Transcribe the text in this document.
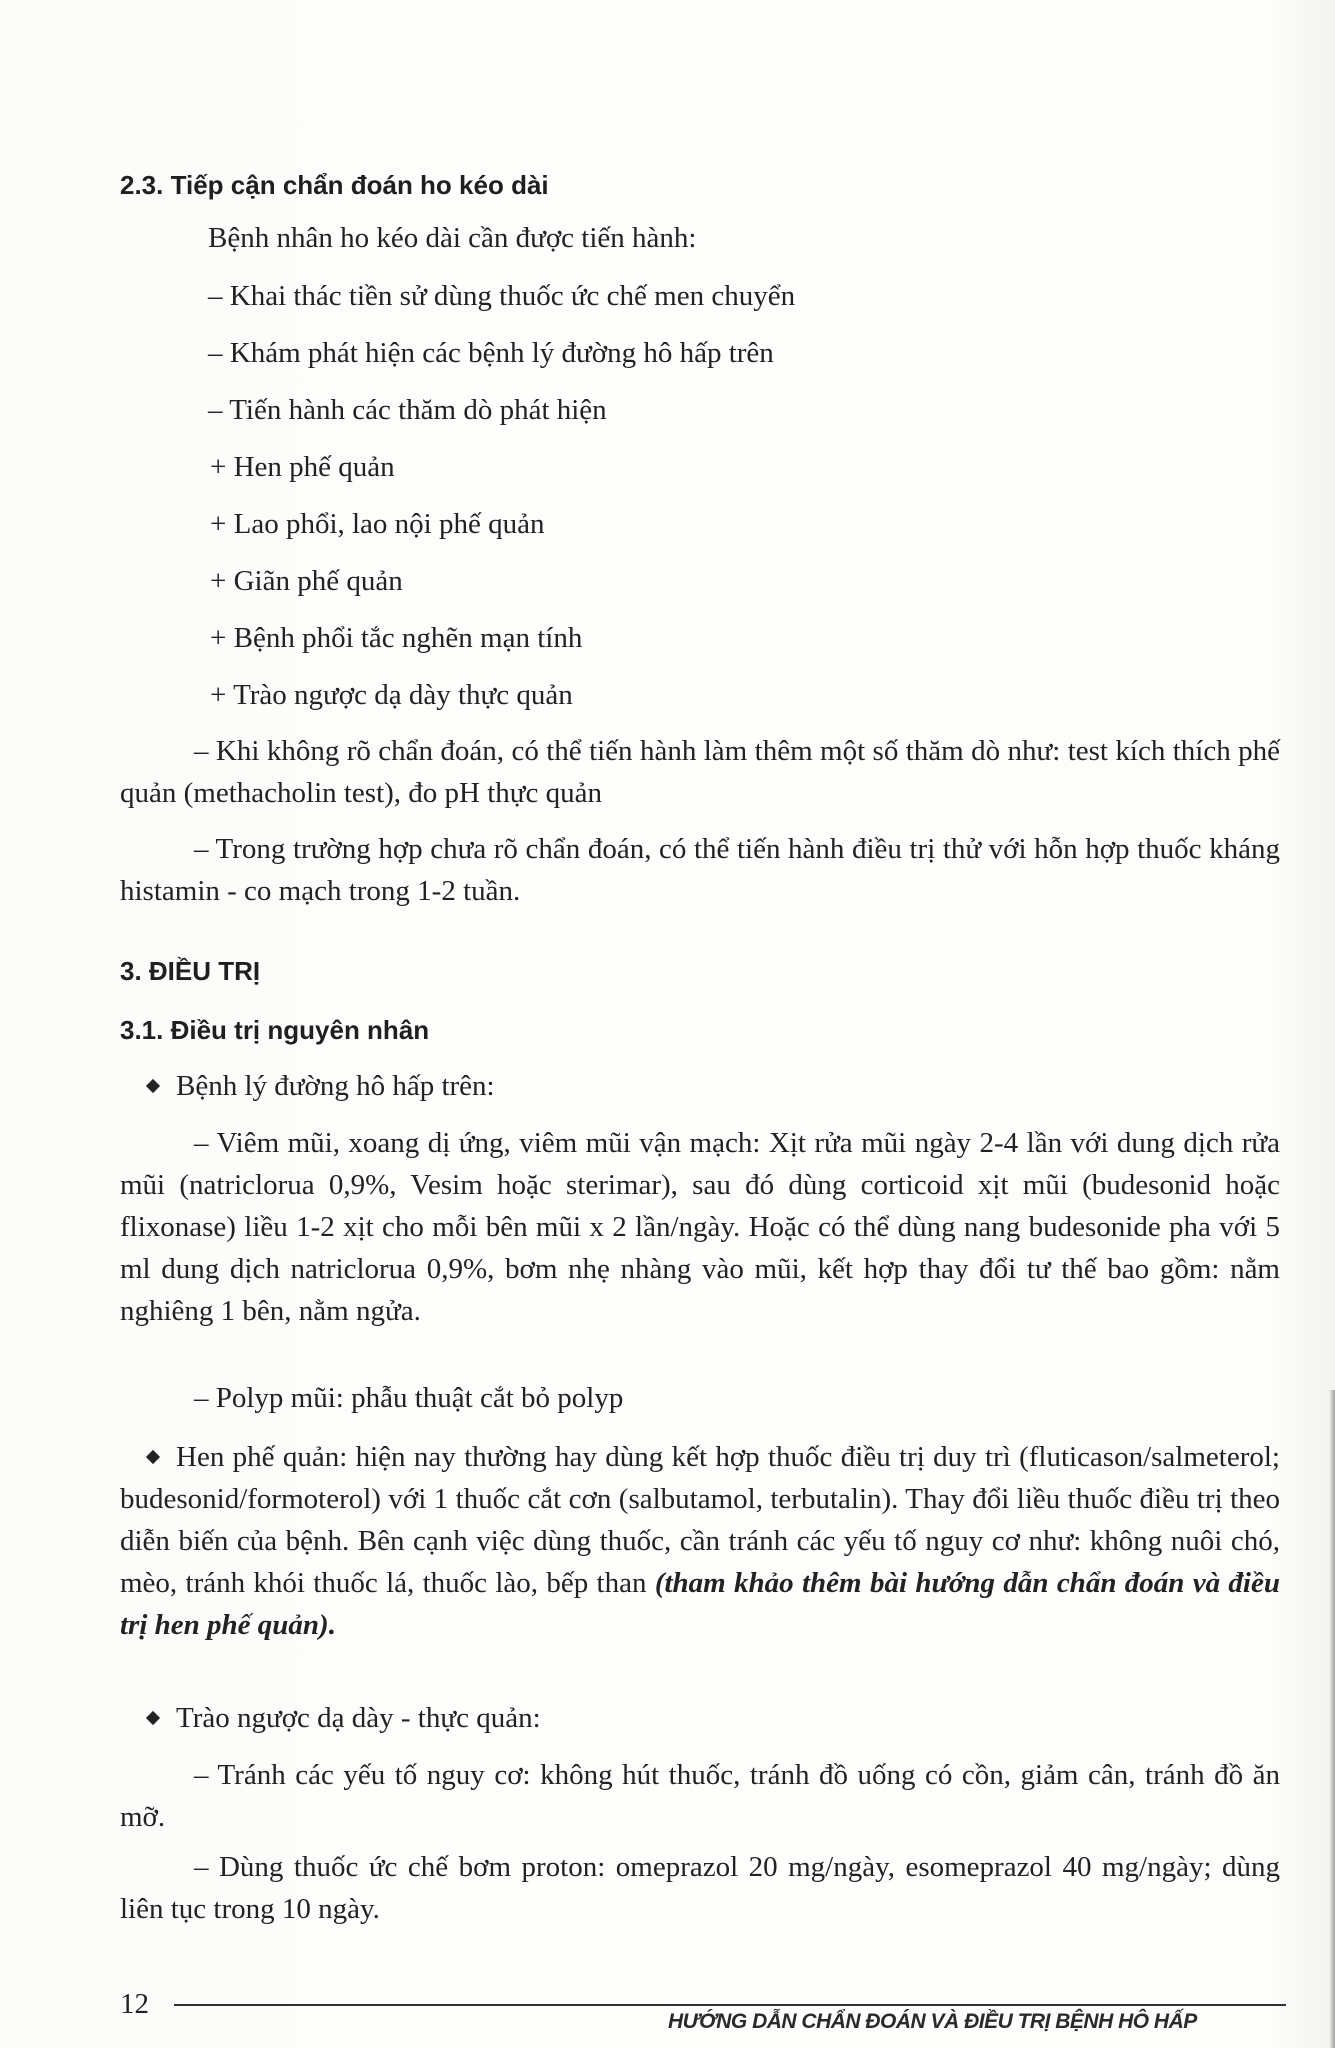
2.3. Tiếp cận chẩn đoán ho kéo dài

Bệnh nhân ho kéo dài cần được tiến hành:

– Khai thác tiền sử dùng thuốc ức chế men chuyển

– Khám phát hiện các bệnh lý đường hô hấp trên

– Tiến hành các thăm dò phát hiện

+ Hen phế quản

+ Lao phổi, lao nội phế quản

+ Giãn phế quản

+ Bệnh phổi tắc nghẽn mạn tính

+ Trào ngược dạ dày thực quản

– Khi không rõ chẩn đoán, có thể tiến hành làm thêm một số thăm dò như: test kích thích phế quản (methacholin test), đo pH thực quản

– Trong trường hợp chưa rõ chẩn đoán, có thể tiến hành điều trị thử với hỗn hợp thuốc kháng histamin - co mạch trong 1-2 tuần.

3. ĐIỀU TRỊ
3.1. Điều trị nguyên nhân

Bệnh lý đường hô hấp trên:

– Viêm mũi, xoang dị ứng, viêm mũi vận mạch: Xịt rửa mũi ngày 2-4 lần với dung dịch rửa mũi (natriclorua 0,9%, Vesim hoặc sterimar), sau đó dùng corticoid xịt mũi (budesonid hoặc flixonase) liều 1-2 xịt cho mỗi bên mũi x 2 lần/ngày. Hoặc có thể dùng nang budesonide pha với 5 ml dung dịch natriclorua 0,9%, bơm nhẹ nhàng vào mũi, kết hợp thay đổi tư thế bao gồm: nằm nghiêng 1 bên, nằm ngửa.

– Polyp mũi: phẫu thuật cắt bỏ polyp

Hen phế quản: hiện nay thường hay dùng kết hợp thuốc điều trị duy trì (fluticason/salmeterol; budesonid/formoterol) với 1 thuốc cắt cơn (salbutamol, terbutalin). Thay đổi liều thuốc điều trị theo diễn biến của bệnh. Bên cạnh việc dùng thuốc, cần tránh các yếu tố nguy cơ như: không nuôi chó, mèo, tránh khói thuốc lá, thuốc lào, bếp than (tham khảo thêm bài hướng dẫn chẩn đoán và điều trị hen phế quản).

Trào ngược dạ dày - thực quản:

– Tránh các yếu tố nguy cơ: không hút thuốc, tránh đồ uống có cồn, giảm cân, tránh đồ ăn mỡ.

– Dùng thuốc ức chế bơm proton: omeprazol 20 mg/ngày, esomeprazol 40 mg/ngày; dùng liên tục trong 10 ngày.

12
HƯỚNG DẪN CHẨN ĐOÁN VÀ ĐIỀU TRỊ BỆNH HÔ HẤP
